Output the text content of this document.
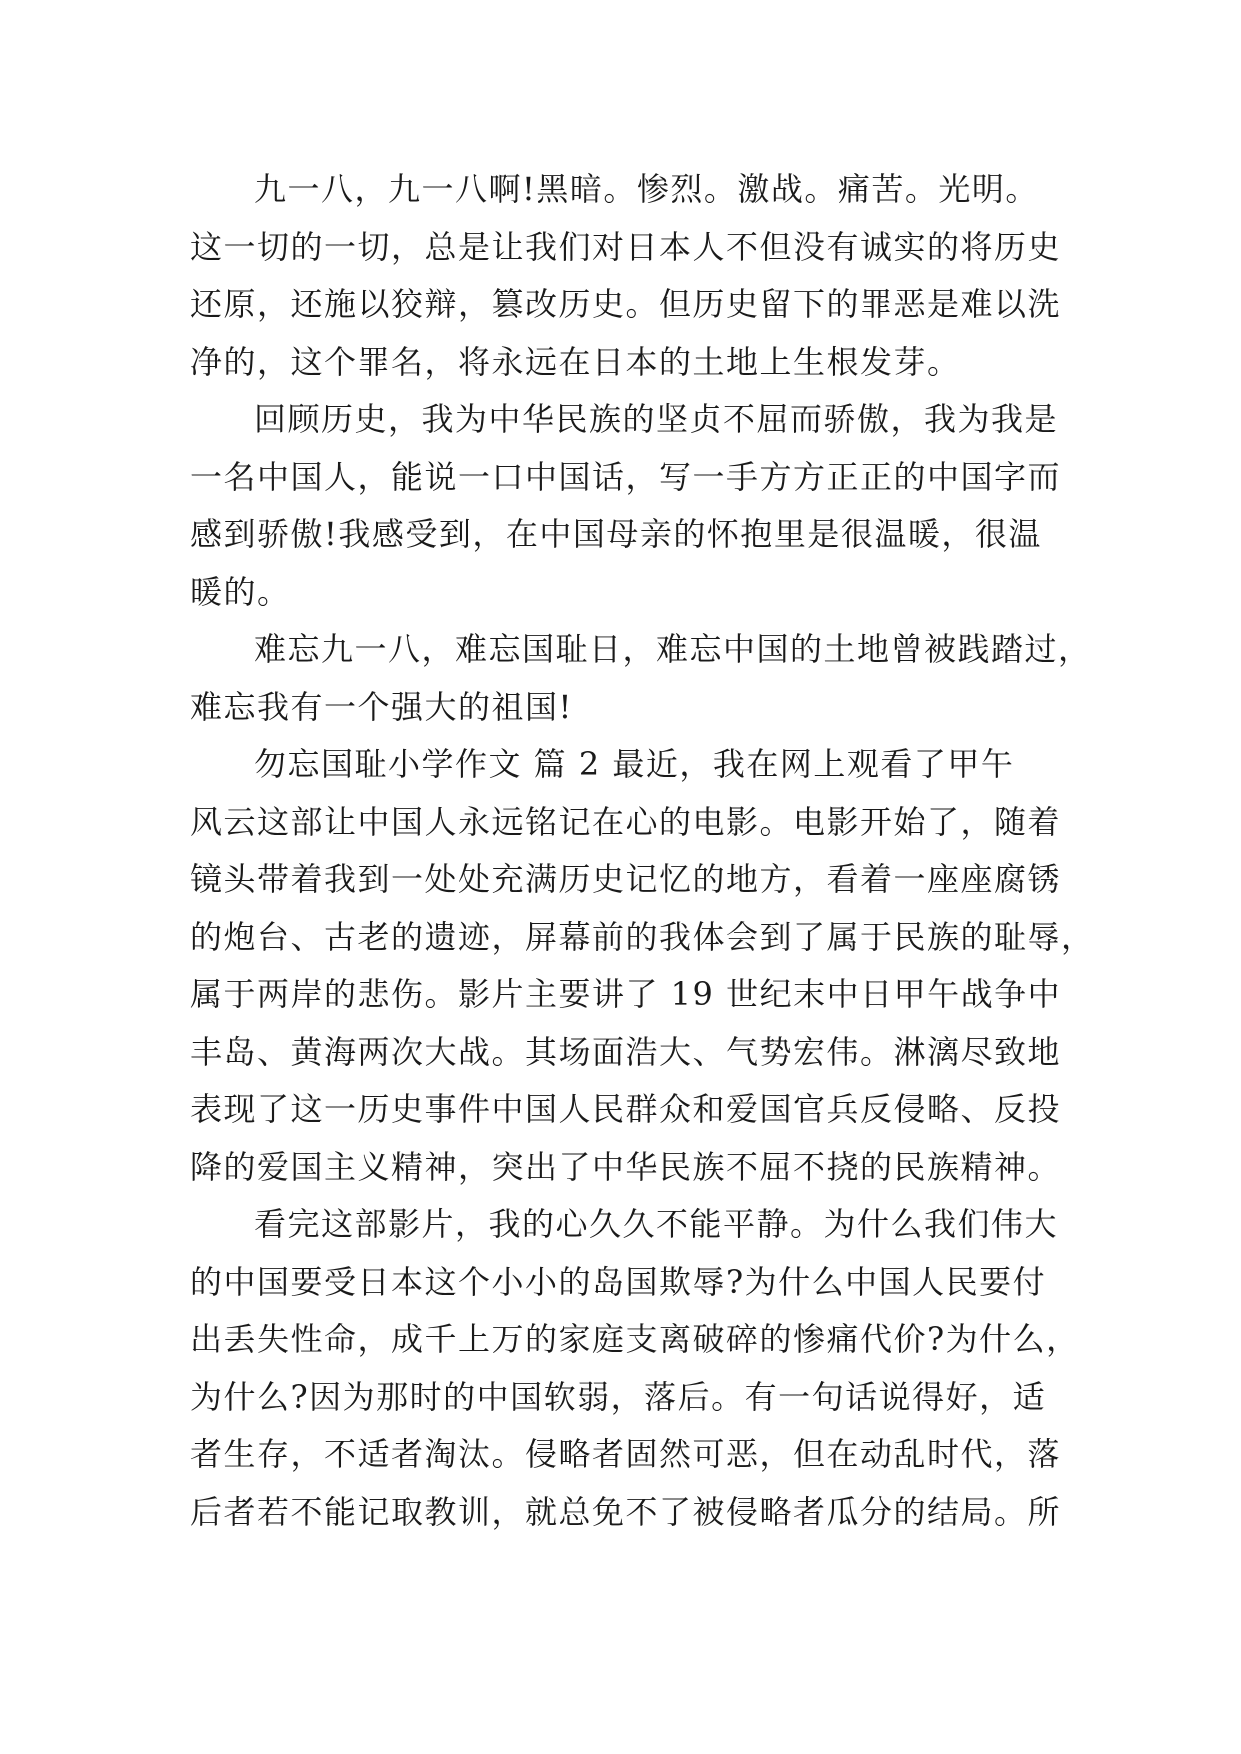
九一八，九一八啊!黑暗。惨烈。激战。痛苦。光明。
这一切的一切，总是让我们对日本人不但没有诚实的将历史
还原，还施以狡辩，篡改历史。但历史留下的罪恶是难以洗
净的，这个罪名，将永远在日本的土地上生根发芽。
回顾历史，我为中华民族的坚贞不屈而骄傲，我为我是
一名中国人，能说一口中国话，写一手方方正正的中国字而
感到骄傲!我感受到，在中国母亲的怀抱里是很温暖，很温
暖的。
难忘九一八，难忘国耻日，难忘中国的土地曾被践踏过，
难忘我有一个强大的祖国!
勿忘国耻小学作文 篇 2 最近，我在网上观看了甲午
风云这部让中国人永远铭记在心的电影。电影开始了，随着
镜头带着我到一处处充满历史记忆的地方，看着一座座腐锈
的炮台、古老的遗迹，屏幕前的我体会到了属于民族的耻辱，
属于两岸的悲伤。影片主要讲了 19 世纪末中日甲午战争中
丰岛、黄海两次大战。其场面浩大、气势宏伟。淋漓尽致地
表现了这一历史事件中国人民群众和爱国官兵反侵略、反投
降的爱国主义精神，突出了中华民族不屈不挠的民族精神。
看完这部影片，我的心久久不能平静。为什么我们伟大
的中国要受日本这个小小的岛国欺辱?为什么中国人民要付
出丢失性命，成千上万的家庭支离破碎的惨痛代价?为什么，
为什么?因为那时的中国软弱，落后。有一句话说得好，适
者生存，不适者淘汰。侵略者固然可恶，但在动乱时代，落
后者若不能记取教训，就总免不了被侵略者瓜分的结局。所
